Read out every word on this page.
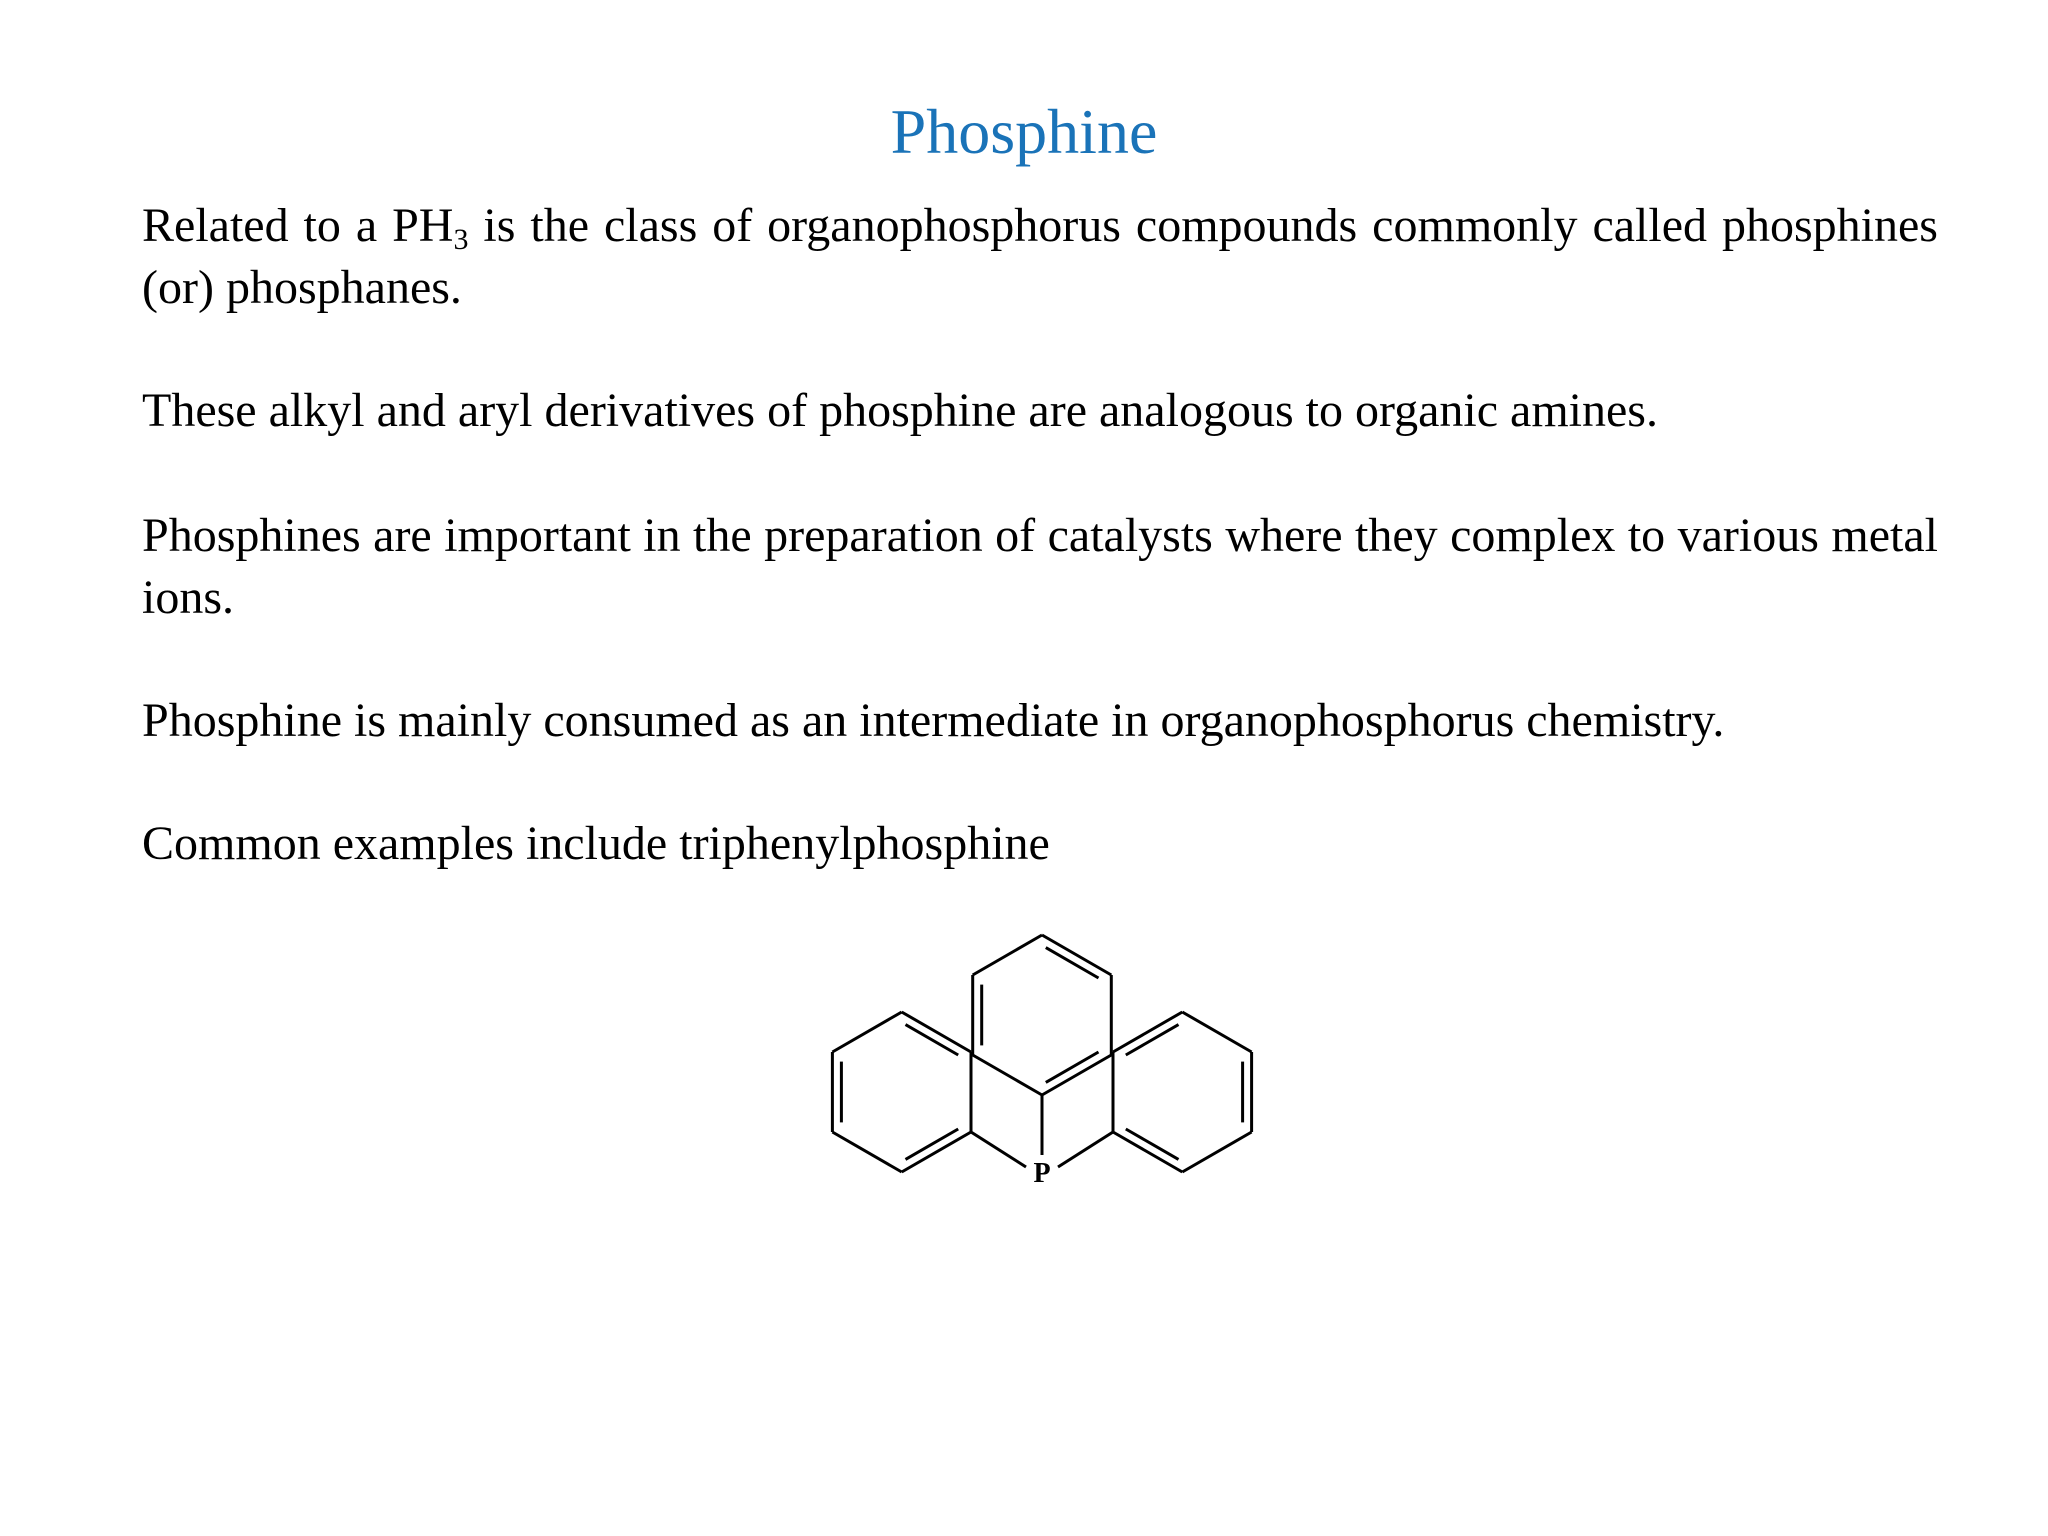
Phosphine

Related to a $PH_3$ is the class of organophosphorus compounds commonly called phosphines (or) phosphanes.

These alkyl and aryl derivatives of phosphine are analogous to organic amines.

Phosphines are important in the preparation of catalysts where they complex to various metal ions.

Phosphine is mainly consumed as an intermediate in organophosphorus chemistry.

Common examples include triphenylphosphine

P
